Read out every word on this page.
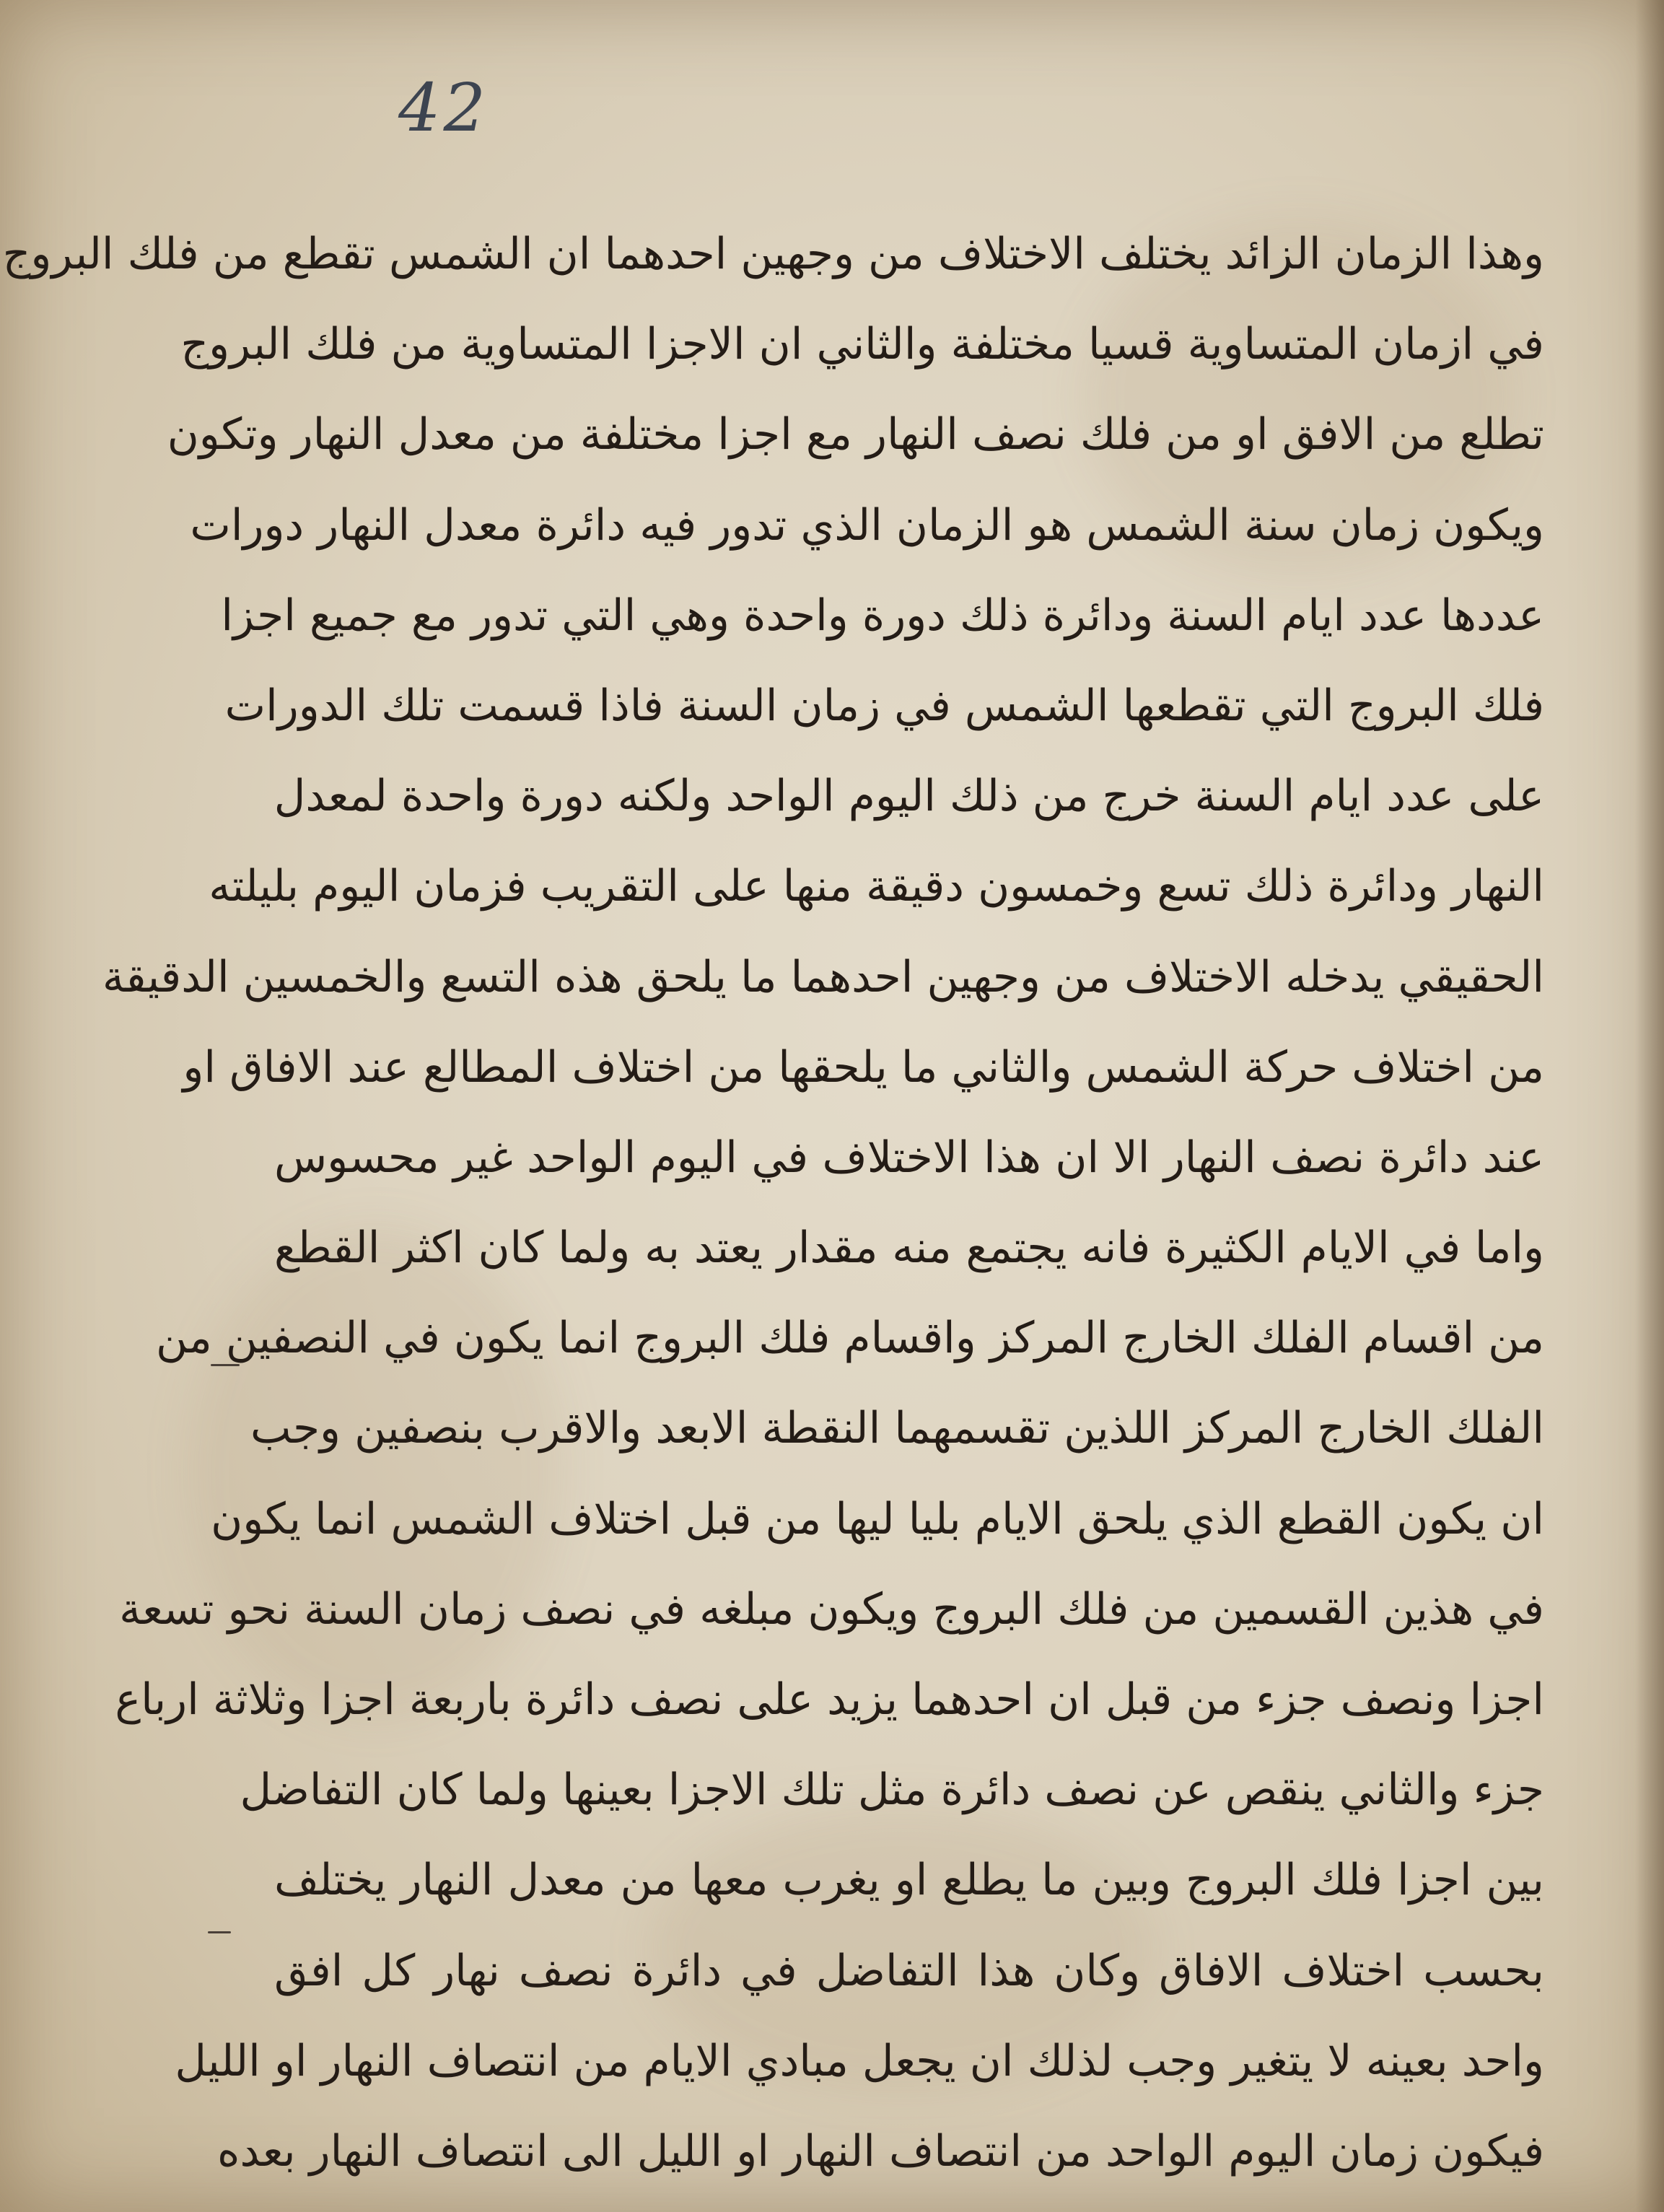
42
وهذا الزمان الزائد يختلف الاختلاف من وجهين احدهما ان الشمس تقطع من فلك البروج
في ازمان المتساوية قسيا مختلفة والثاني ان الاجزا المتساوية من فلك البروج
تطلع من الافق او من فلك نصف النهار مع اجزا مختلفة من معدل النهار وتكون
ويكون زمان سنة الشمس هو الزمان الذي تدور فيه دائرة معدل النهار دورات
عددها عدد ايام السنة ودائرة ذلك دورة واحدة وهي التي تدور مع جميع اجزا
فلك البروج التي تقطعها الشمس في زمان السنة فاذا قسمت تلك الدورات
على عدد ايام السنة خرج من ذلك اليوم الواحد ولكنه دورة واحدة لمعدل
النهار ودائرة ذلك تسع وخمسون دقيقة منها على التقريب فزمان اليوم بليلته
الحقيقي يدخله الاختلاف من وجهين احدهما ما يلحق هذه التسع والخمسين الدقيقة
من اختلاف حركة الشمس والثاني ما يلحقها من اختلاف المطالع عند الافاق او
عند دائرة نصف النهار الا ان هذا الاختلاف في اليوم الواحد غير محسوس
واما في الايام الكثيرة فانه يجتمع منه مقدار يعتد به ولما كان اكثر القطع
من اقسام الفلك الخارج المركز واقسام فلك البروج انما يكون في النصفين من
الفلك الخارج المركز اللذين تقسمهما النقطة الابعد والاقرب بنصفين وجب
ان يكون القطع الذي يلحق الايام بليا ليها من قبل اختلاف الشمس انما يكون
في هذين القسمين من فلك البروج ويكون مبلغه في نصف زمان السنة نحو تسعة
اجزا ونصف جزء من قبل ان احدهما يزيد على نصف دائرة باربعة اجزا وثلاثة ارباع
جزء والثاني ينقص عن نصف دائرة مثل تلك الاجزا بعينها ولما كان التفاضل
بين اجزا فلك البروج وبين ما يطلع او يغرب معها من معدل النهار يختلف
بحسب اختلاف الافاق وكان هذا التفاضل في دائرة نصف نهار كل افق
واحد بعينه لا يتغير وجب لذلك ان يجعل مبادي الايام من انتصاف النهار او الليل
فيكون زمان اليوم الواحد من انتصاف النهار او الليل الى انتصاف النهار بعده
